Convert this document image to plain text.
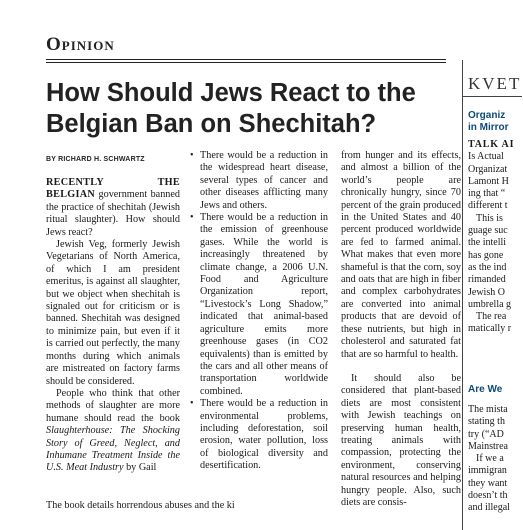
Opinion
How Should Jews React to the Belgian Ban on Shechitah?
BY RICHARD H. SCHWARTZ

RECENTLY THE BELGIAN government banned the practice of shechitah (Jewish ritual slaughter). How should Jews react?

Jewish Veg, formerly Jewish Vegetarians of North America, of which I am president emeritus, is against all slaughter, but we object when shechitah is signaled out for criticism or is banned. Shechitah was designed to minimize pain, but even if it is carried out perfectly, the many months during which animals are mistreated on factory farms should be considered.

People who think that other methods of slaughter are more humane should read the book Slaughterhouse: The Shocking Story of Greed, Neglect, and Inhumane Treatment Inside the U.S. Meat Industry by Gail

• There would be a reduction in the widespread heart disease, several types of cancer and other diseases afflicting many Jews and others.

• There would be a reduction in the emission of greenhouse gases. While the world is increasingly threatened by climate change, a 2006 U.N. Food and Agriculture Organization report, “Livestock’s Long Shadow,” indicated that animal-based agriculture emits more greenhouse gases (in CO2 equivalents) than is emitted by the cars and all other means of transportation worldwide combined.

• There would be a reduction in environmental problems, including deforestation, soil erosion, water pollution, loss of biological diversity and desertification.

from hunger and its effects, and almost a billion of the world’s people are chronically hungry, since 70 percent of the grain produced in the United States and 40 percent produced worldwide are fed to farmed animal. What makes that even more shameful is that the corn, soy and oats that are high in fiber and complex carbohydrates are converted into animal products that are devoid of these nutrients, but high in cholesterol and saturated fat that are so harmful to health.

It should also be considered that plant-based diets are most consistent with Jewish teachings on preserving human health, treating animals with compassion, protecting the environment, conserving natural resources and helping hungry people. Also, such diets are consis-

The book details horrendous abuses and the ki
KVET
Organiz
in Mirror
TALK AI
Is Actual
Organizat
Lamont H
ing that “
different t
This is
guage suc
the intelli
has gone
as the ind
rimanded
Jewish O
umbrella g
The rea
matically r
Are We
The mista
stating th
try (“AD
Mainstrea
If we a
immigran
they want
doesn’t th
and illegal
